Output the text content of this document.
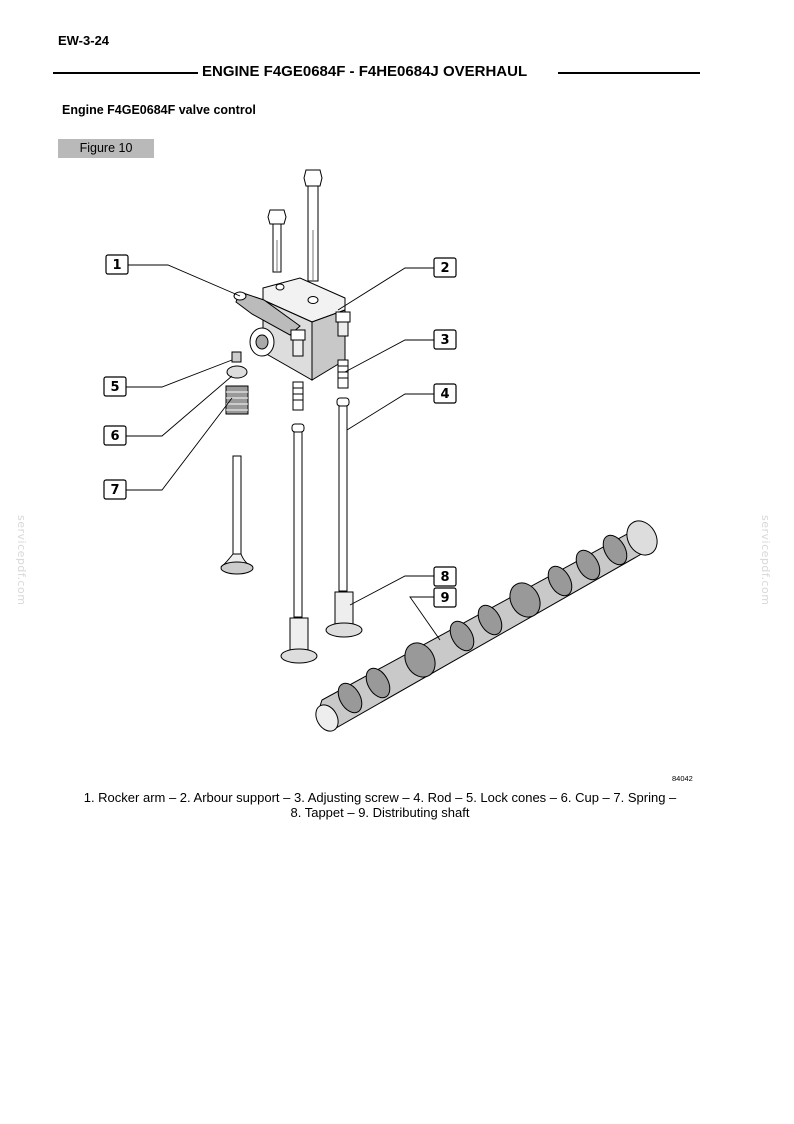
EW-3-24
ENGINE F4GE0684F - F4HE0684J OVERHAUL
Engine F4GE0684F valve control
Figure 10
1	2
3
4
5
6
7
8
9
84042
1. Rocker arm – 2. Arbour support – 3. Adjusting screw – 4. Rod – 5. Lock cones – 6. Cup – 7. Spring –
8. Tappet – 9. Distributing shaft
servicepdf.com	servicepdf.com
